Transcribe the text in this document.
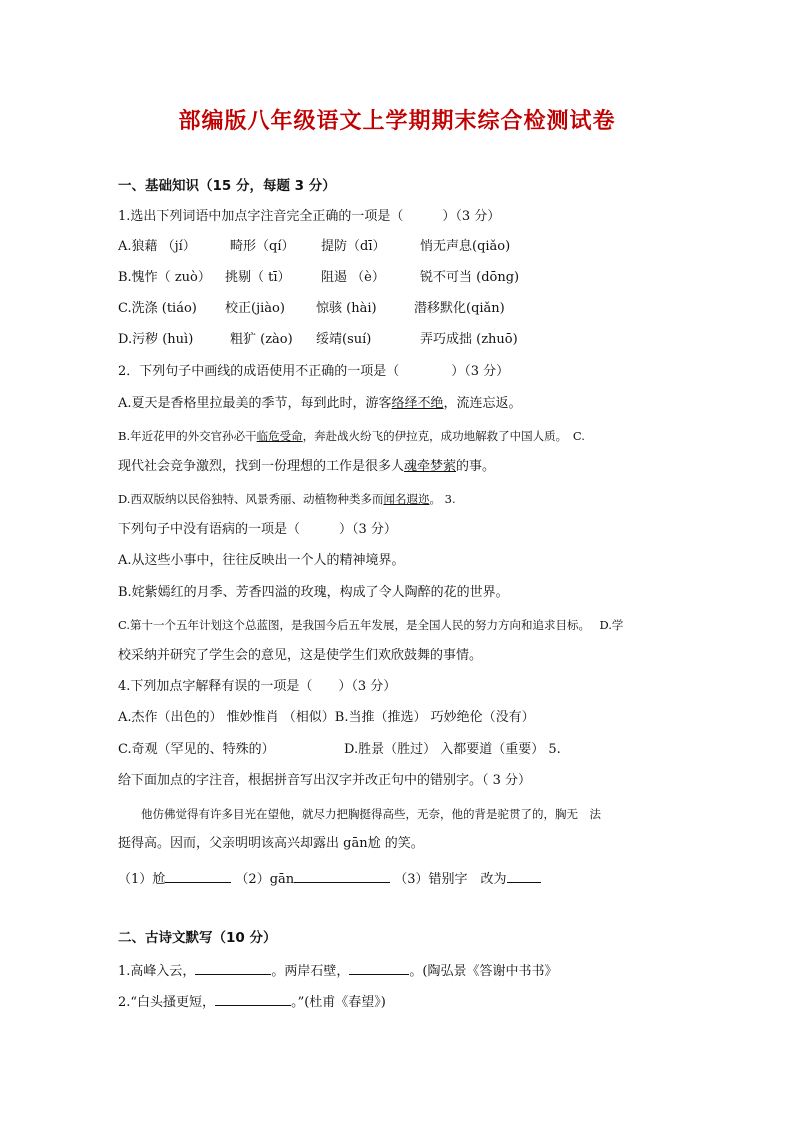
部编版八年级语文上学期期末综合检测试卷
一、基础知识（15 分，每题 3 分）
1.选出下列词语中加点字注音完全正确的一项是（　　　）（3 分）
A.狼藉 （jí）	畸形（qí） 提防（dī）	悄无声息(qiǎo)
B.愧怍（ zuò） 挑剔（ tī） 阻遏 （è）	锐不可当 (dōng)
C.洗涤 (tiáo) 校正(jiào) 惊骇 (hài)	潜移默化(qiǎn)
D.污秽 (huì)	粗犷 (zào) 绥靖(suí)	弄巧成拙 (zhuō)
2．下列句子中画线的成语使用不正确的一项是（　　　　）（3 分）
A.夏天是香格里拉最美的季节，每到此时，游客络绎不绝，流连忘返。
B.年近花甲的外交官孙必干临危受命，奔赴战火纷飞的伊拉克，成功地解救了中国人质。　C.
现代社会竞争激烈，找到一份理想的工作是很多人魂牵梦萦的事。
D.西双版纳以民俗独特、风景秀丽、动植物种类多而闻名遐迩。 3.
下列句子中没有语病的一项是（　　　）（3 分）
A.从这些小事中，往往反映出一个人的精神境界。
B.姹紫嫣红的月季、芳香四溢的玫瑰，构成了令人陶醉的花的世界。
C.第十一个五年计划这个总蓝图，是我国今后五年发展，是全国人民的努力方向和追求目标。　 D.学
校采纳并研究了学生会的意见，这是使学生们欢欣鼓舞的事情。
4.下列加点字解释有误的一项是（　　）（3 分）
A.杰作（出色的） 惟妙惟肖 （相似）B.当推（推选） 巧妙绝伦（没有）
C.奇观（罕见的、特殊的）	D.胜景（胜过） 入都要道（重要） 5.
给下面加点的字注音，根据拼音写出汉字并改正句中的错别字。（ 3 分）
　　他仿佛觉得有许多目光在望他，就尽力把胸挺得高些，无奈，他的背是驼贯了的，胸无　法
挺得高。因而，父亲明明该高兴却露出 gān尬 的笑。
（1）尬	（2）gān	（3）错别字　改为
二、古诗文默写（10 分）
1.高峰入云，	。两岸石壁，	。(陶弘景《答谢中书书》
2.“白头搔更短，	。”(杜甫《春望》)
